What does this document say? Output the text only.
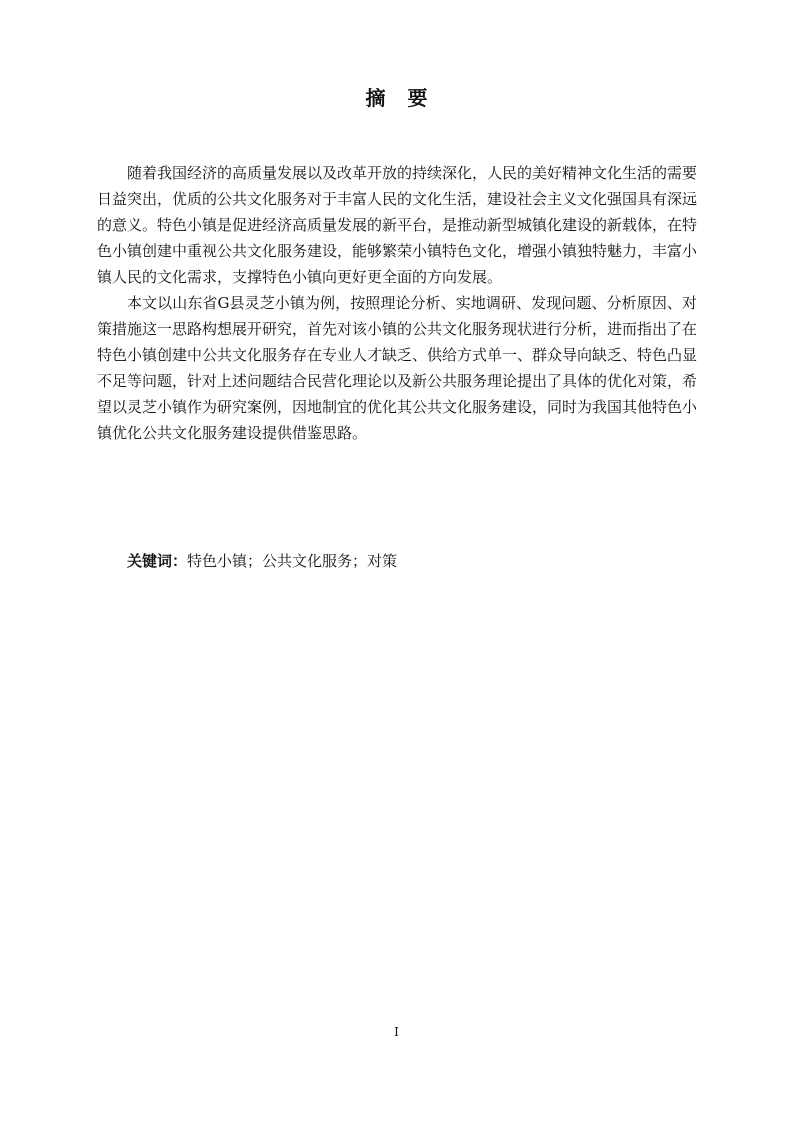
摘要

随着我国经济的高质量发展以及改革开放的持续深化，人民的美好精神文化生活的需要日益突出，优质的公共文化服务对于丰富人民的文化生活，建设社会主义文化强国具有深远的意义。特色小镇是促进经济高质量发展的新平台，是推动新型城镇化建设的新载体，在特色小镇创建中重视公共文化服务建设，能够繁荣小镇特色文化，增强小镇独特魅力，丰富小镇人民的文化需求，支撑特色小镇向更好更全面的方向发展。

本文以山东省G县灵芝小镇为例，按照理论分析、实地调研、发现问题、分析原因、对策措施这一思路构想展开研究，首先对该小镇的公共文化服务现状进行分析，进而指出了在特色小镇创建中公共文化服务存在专业人才缺乏、供给方式单一、群众导向缺乏、特色凸显不足等问题，针对上述问题结合民营化理论以及新公共服务理论提出了具体的优化对策，希望以灵芝小镇作为研究案例，因地制宜的优化其公共文化服务建设，同时为我国其他特色小镇优化公共文化服务建设提供借鉴思路。

关键词：特色小镇；公共文化服务；对策

I
